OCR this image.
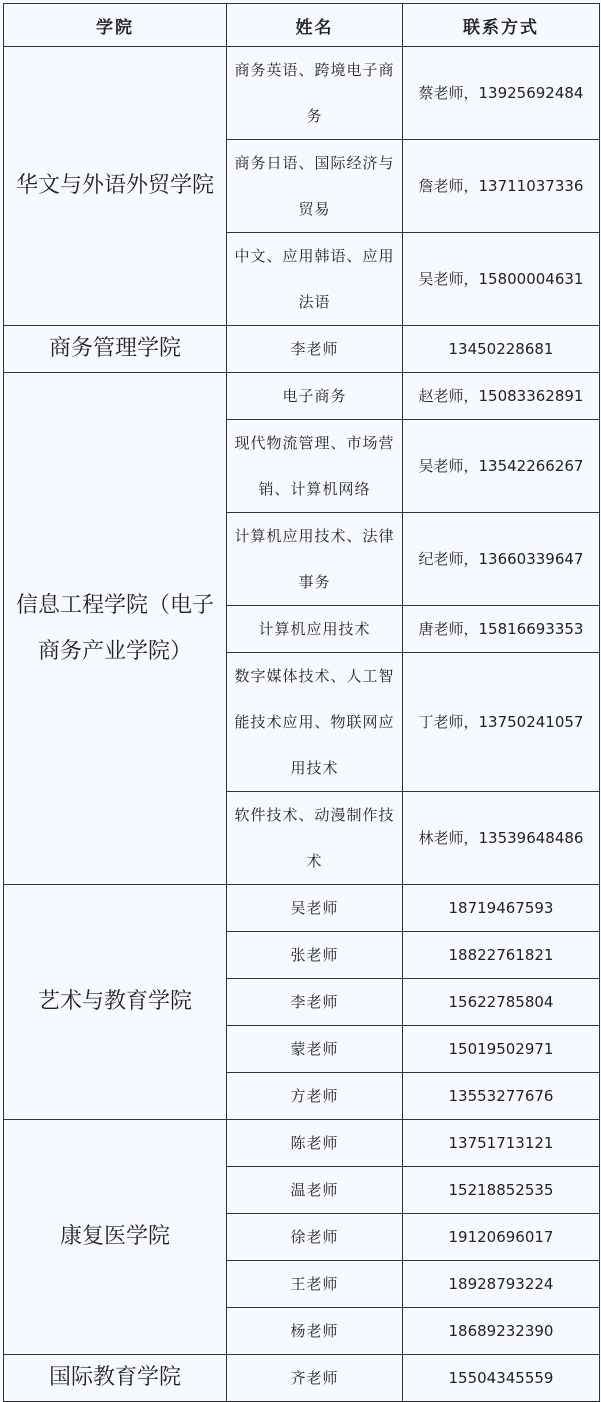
学院	姓名	联系方式
华文与外语外贸学院	商务英语、跨境电子商务	蔡老师，13925692484
	商务日语、国际经济与贸易	詹老师，13711037336
	中文、应用韩语、应用法语	吴老师，15800004631
商务管理学院	李老师	13450228681
信息工程学院（电子商务产业学院）	电子商务	赵老师，15083362891
	现代物流管理、市场营销、计算机网络	吴老师，13542266267
	计算机应用技术、法律事务	纪老师，13660339647
	计算机应用技术	唐老师，15816693353
	数字媒体技术、人工智能技术应用、物联网应用技术	丁老师，13750241057
	软件技术、动漫制作技术	林老师，13539648486
艺术与教育学院	吴老师	18719467593
	张老师	18822761821
	李老师	15622785804
	蒙老师	15019502971
	方老师	13553277676
康复医学院	陈老师	13751713121
	温老师	15218852535
	徐老师	19120696017
	王老师	18928793224
	杨老师	18689232390
国际教育学院	齐老师	15504345559
